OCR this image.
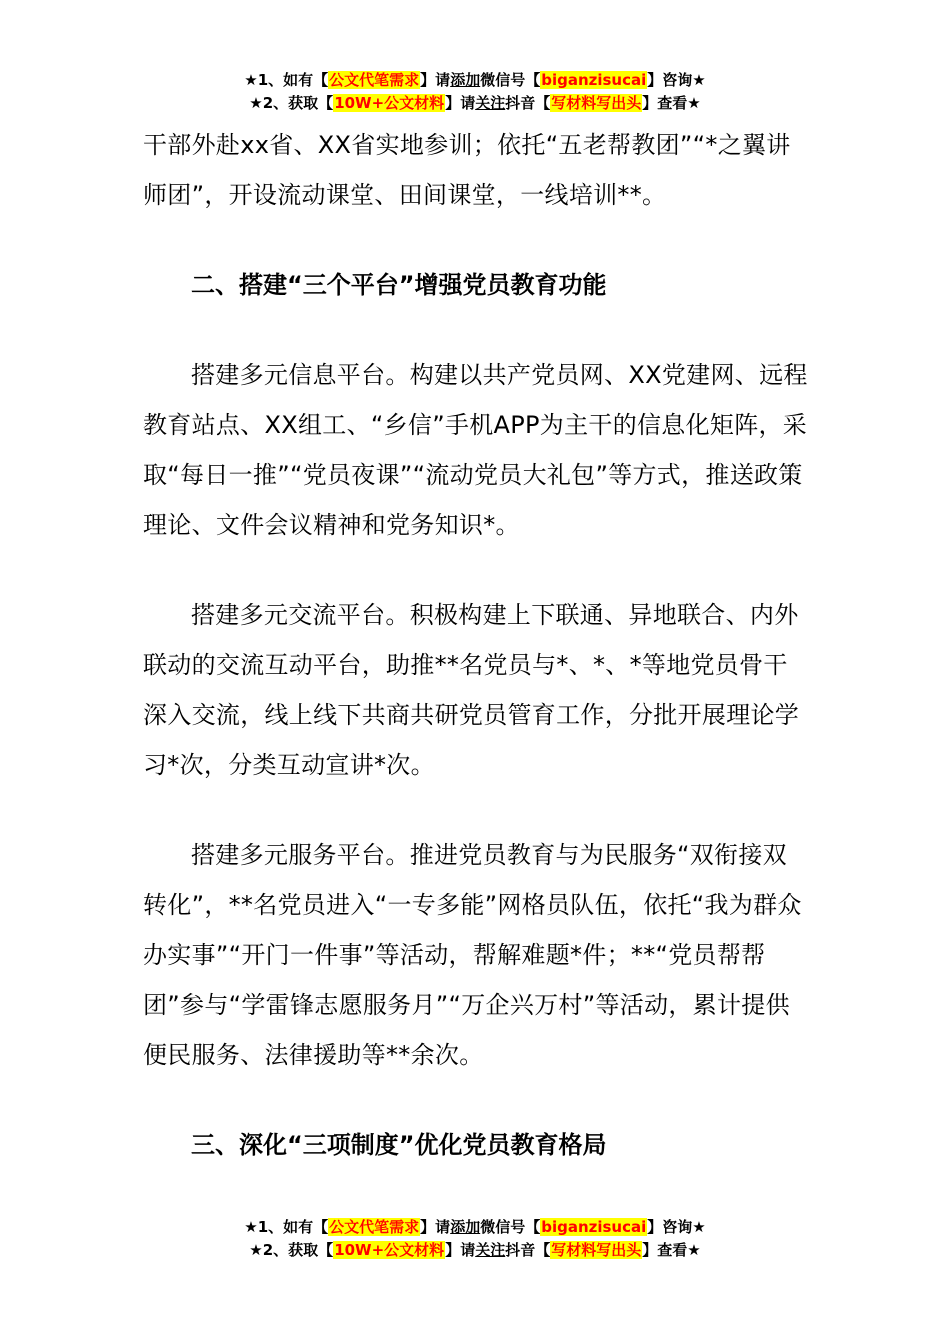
★1、如有【公文代笔需求】请添加微信号【biganzisucai】咨询★
★2、获取【10W+公文材料】请关注抖音【写材料写出头】查看★

干部外赴xx省、XX省实地参训；依托“五老帮教团”“*之翼讲师团”，开设流动课堂、田间课堂，一线培训**。

二、搭建“三个平台”增强党员教育功能

搭建多元信息平台。构建以共产党员网、XX党建网、远程教育站点、XX组工、“乡信”手机APP为主干的信息化矩阵，采取“每日一推”“党员夜课”“流动党员大礼包”等方式，推送政策理论、文件会议精神和党务知识*。

搭建多元交流平台。积极构建上下联通、异地联合、内外联动的交流互动平台，助推**名党员与*、*、*等地党员骨干深入交流，线上线下共商共研党员管育工作，分批开展理论学习*次，分类互动宣讲*次。

搭建多元服务平台。推进党员教育与为民服务“双衔接双转化”，**名党员进入“一专多能”网格员队伍，依托“我为群众办实事”“开门一件事”等活动，帮解难题*件；**“党员帮帮团”参与“学雷锋志愿服务月”“万企兴万村”等活动，累计提供便民服务、法律援助等**余次。

三、深化“三项制度”优化党员教育格局

★1、如有【公文代笔需求】请添加微信号【biganzisucai】咨询★
★2、获取【10W+公文材料】请关注抖音【写材料写出头】查看★
